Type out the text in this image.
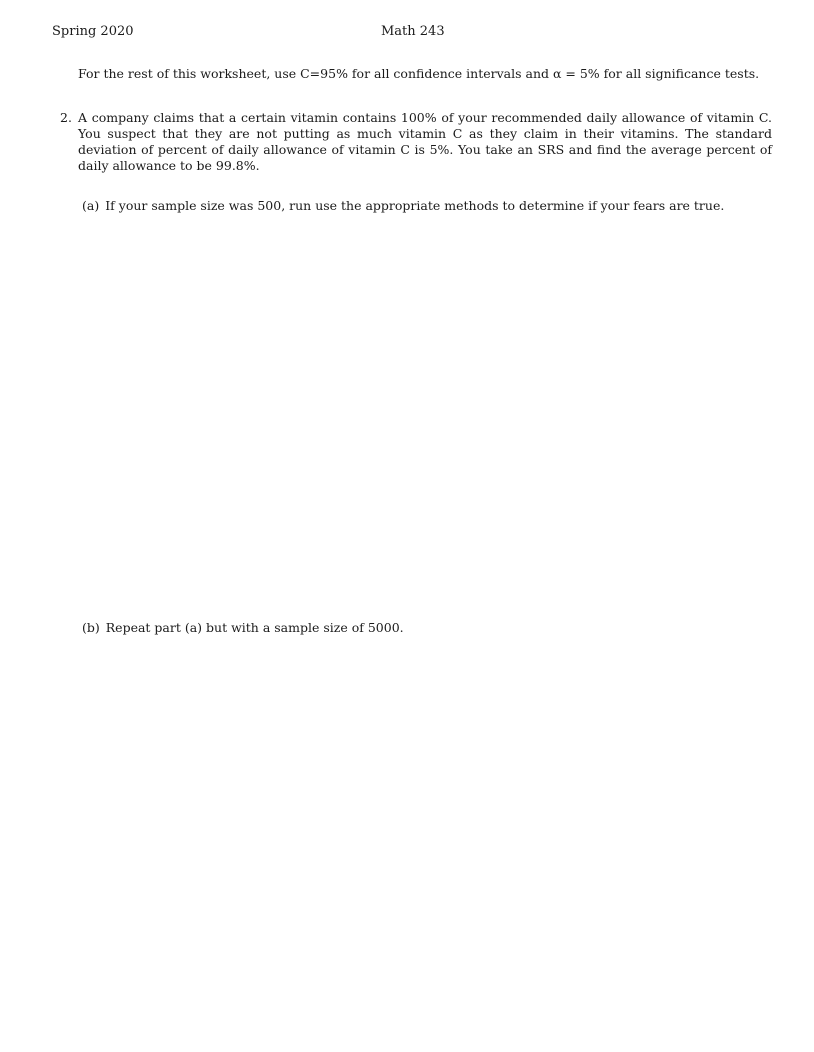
Spring 2020	Math 243
For the rest of this worksheet, use C=95% for all confidence intervals and α = 5% for all significance tests.
2. A company claims that a certain vitamin contains 100% of your recommended daily allowance of vitamin C. You suspect that they are not putting as much vitamin C as they claim in their vitamins. The standard deviation of percent of daily allowance of vitamin C is 5%. You take an SRS and find the average percent of daily allowance to be 99.8%.
(a) If your sample size was 500, run use the appropriate methods to determine if your fears are true.
(b) Repeat part (a) but with a sample size of 5000.
